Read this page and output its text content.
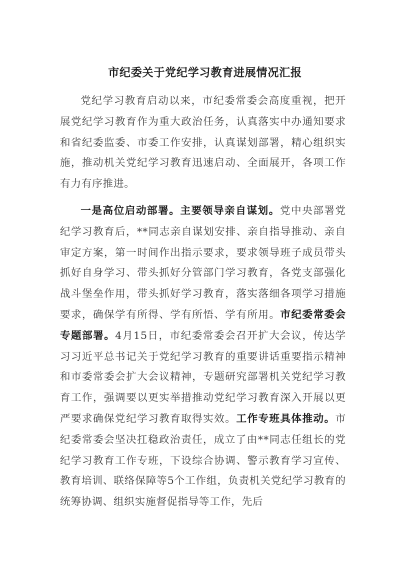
市纪委关于党纪学习教育进展情况汇报

党纪学习教育启动以来，市纪委常委会高度重视，把开展党纪学习教育作为重大政治任务，认真落实中办通知要求和省纪委监委、市委工作安排，认真谋划部署，精心组织实施，推动机关党纪学习教育迅速启动、全面展开，各项工作有力有序推进。

一是高位启动部署。主要领导亲自谋划。党中央部署党纪学习教育后，**同志亲自谋划安排、亲自指导推动、亲自审定方案，第一时间作出指示要求，要求领导班子成员带头抓好自身学习、带头抓好分管部门学习教育，各党支部强化战斗堡垒作用，带头抓好学习教育，落实落细各项学习措施要求，确保学有所得、学有所悟、学有所用。市纪委常委会专题部署。4月15日，市纪委常委会召开扩大会议，传达学习习近平总书记关于党纪学习教育的重要讲话重要指示精神和市委常委会扩大会议精神，专题研究部署机关党纪学习教育工作，强调要以更实举措推动党纪学习教育深入开展以更严要求确保党纪学习教育取得实效。工作专班具体推动。市纪委常委会坚决扛稳政治责任，成立了由**同志任组长的党纪学习教育工作专班，下设综合协调、警示教育学习宣传、教育培训、联络保障等5个工作组，负责机关党纪学习教育的统筹协调、组织实施督促指导等工作，先后
